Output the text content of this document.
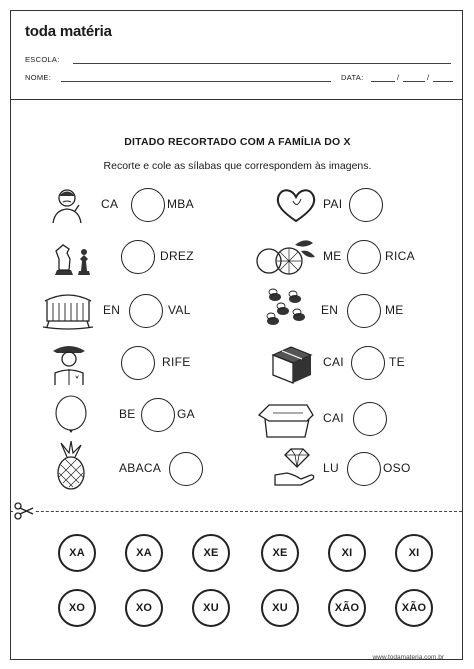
toda matéria
ESCOLA:
NOME:	DATA:	/	/
DITADO RECORTADO COM A FAMÍLIA DO X
Recorte e cole as sílabas que correspondem às imagens.
CA	MBA
DREZ
EN	VAL
RIFE
BE	GA
ABACA
PAI
ME	RICA
EN	ME
CAI	TE
CAI
LU	OSO
XA	XA	XE	XE	XI	XI
XO	XO	XU	XU	XÃO	XÃO
www.todamateria.com.br
